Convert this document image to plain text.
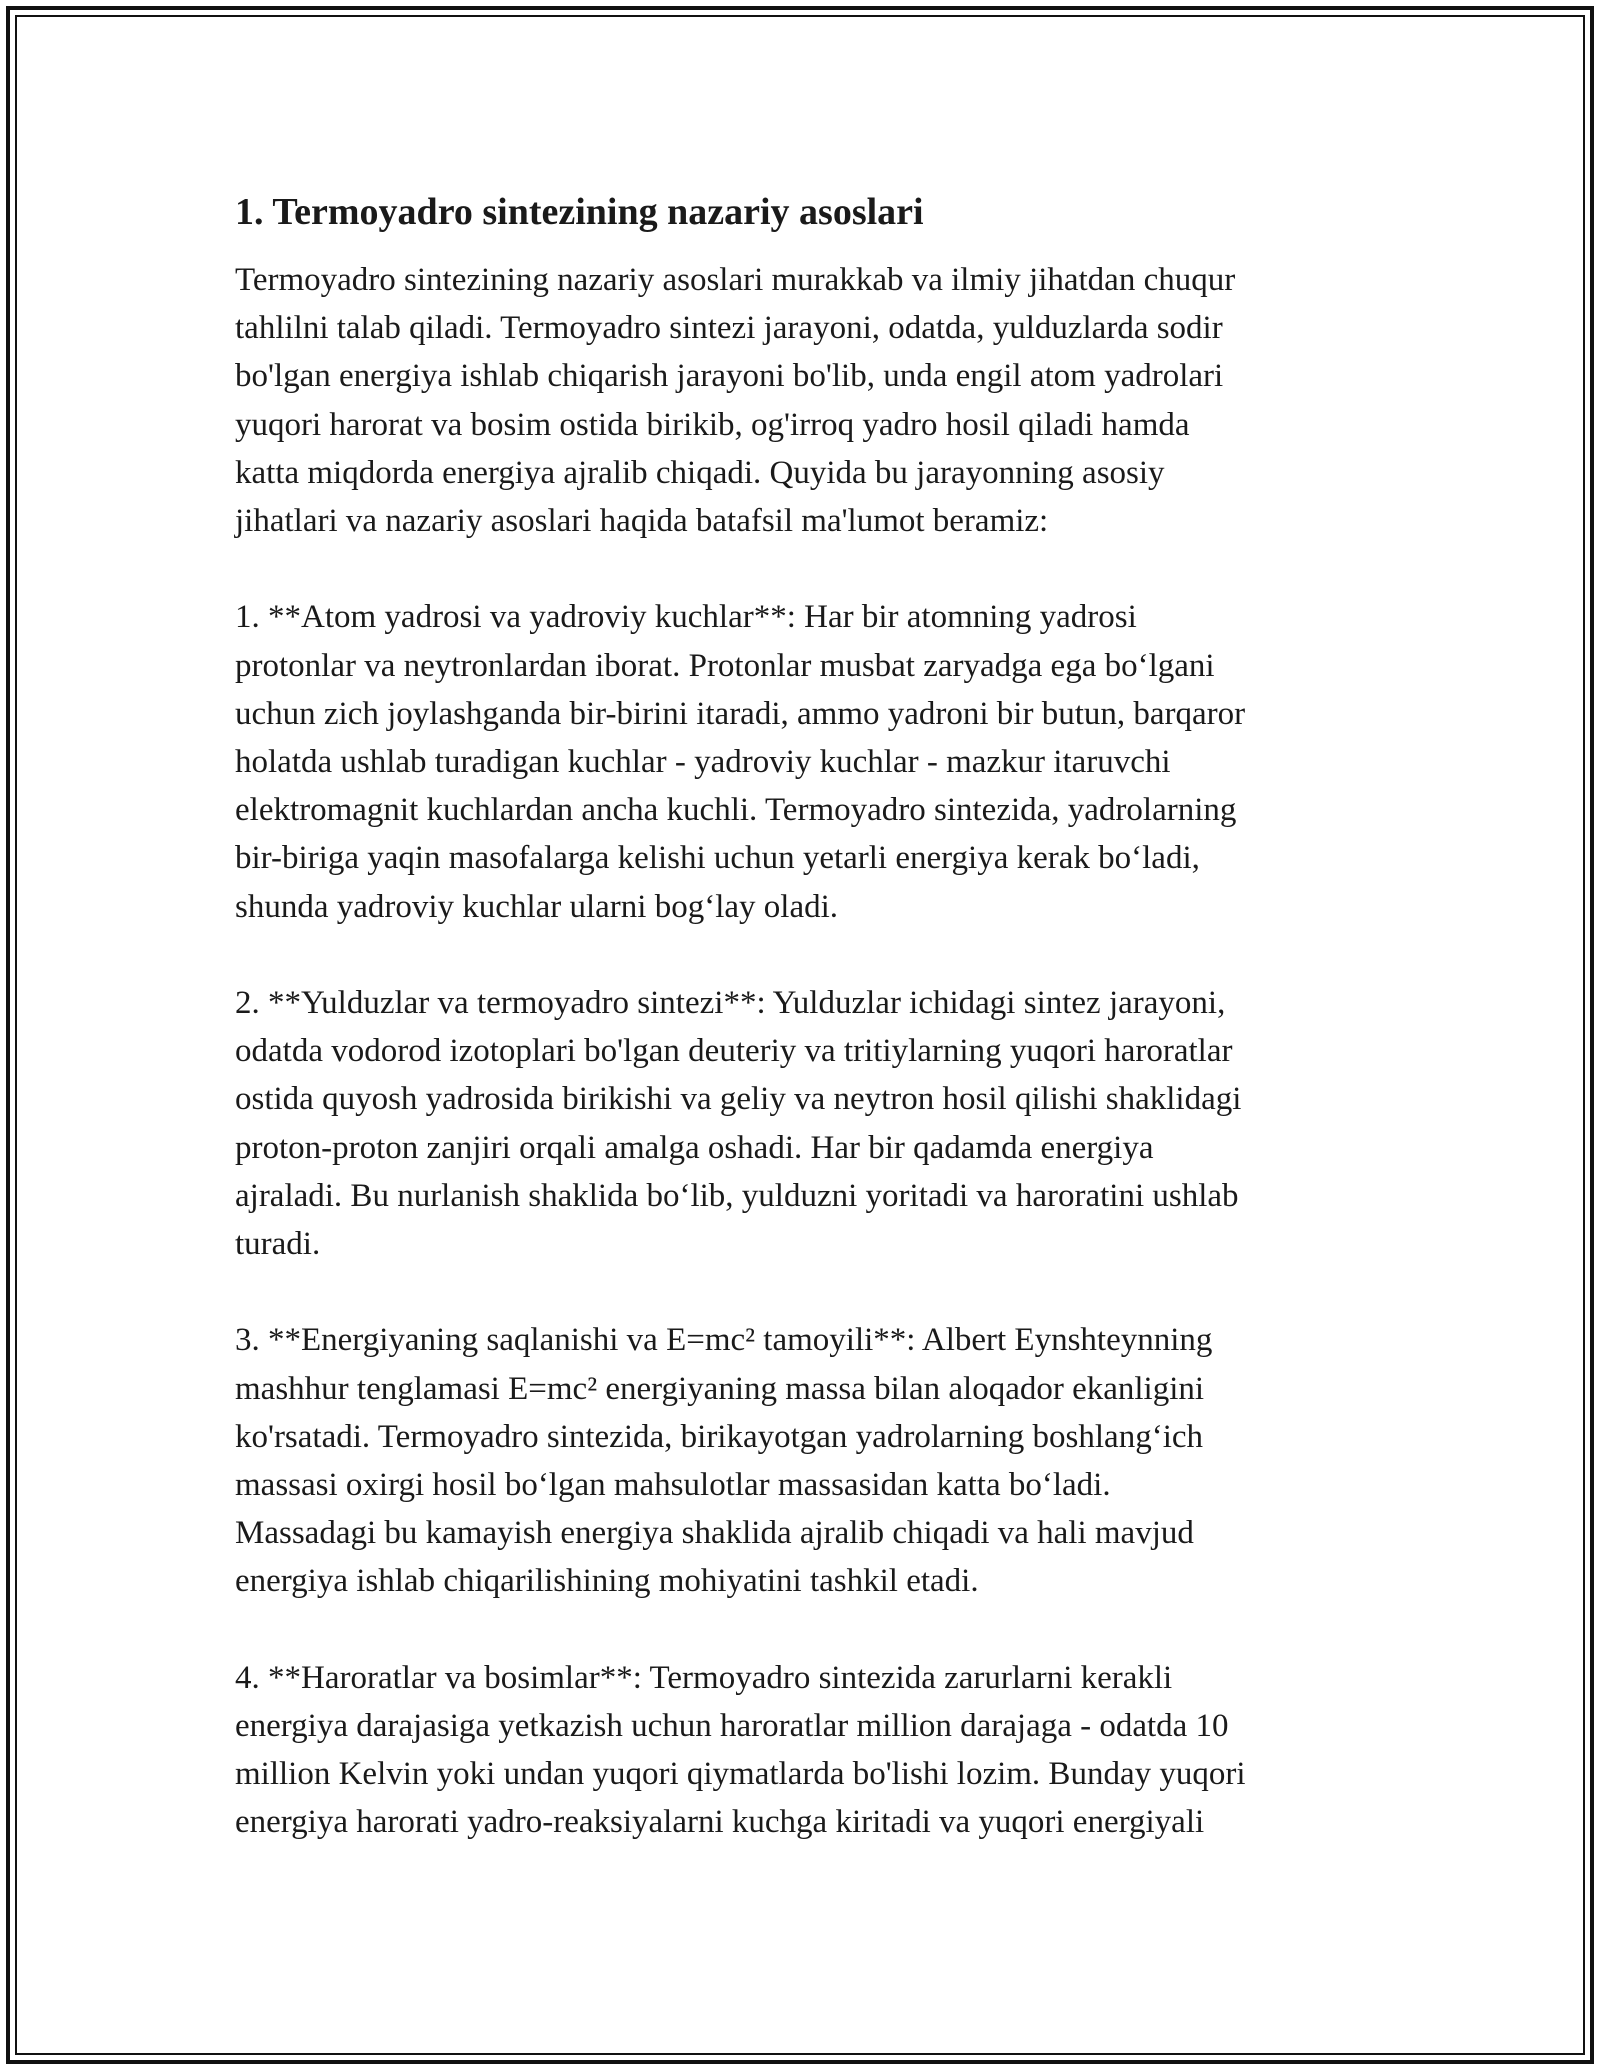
1. Termoyadro sintezining nazariy asoslari
Termoyadro sintezining nazariy asoslari murakkab va ilmiy jihatdan chuqur
tahlilni talab qiladi. Termoyadro sintezi jarayoni, odatda, yulduzlarda sodir
bo'lgan energiya ishlab chiqarish jarayoni bo'lib, unda engil atom yadrolari
yuqori harorat va bosim ostida birikib, og'irroq yadro hosil qiladi hamda
katta miqdorda energiya ajralib chiqadi. Quyida bu jarayonning asosiy
jihatlari va nazariy asoslari haqida batafsil ma'lumot beramiz:
1. **Atom yadrosi va yadroviy kuchlar**: Har bir atomning yadrosi
protonlar va neytronlardan iborat. Protonlar musbat zaryadga ega bo‘lgani
uchun zich joylashganda bir-birini itaradi, ammo yadroni bir butun, barqaror
holatda ushlab turadigan kuchlar - yadroviy kuchlar - mazkur itaruvchi
elektromagnit kuchlardan ancha kuchli. Termoyadro sintezida, yadrolarning
bir-biriga yaqin masofalarga kelishi uchun yetarli energiya kerak bo‘ladi,
shunda yadroviy kuchlar ularni bog‘lay oladi.
2. **Yulduzlar va termoyadro sintezi**: Yulduzlar ichidagi sintez jarayoni,
odatda vodorod izotoplari bo'lgan deuteriy va tritiylarning yuqori haroratlar
ostida quyosh yadrosida birikishi va geliy va neytron hosil qilishi shaklidagi
proton-proton zanjiri orqali amalga oshadi. Har bir qadamda energiya
ajraladi. Bu nurlanish shaklida bo‘lib, yulduzni yoritadi va haroratini ushlab
turadi.
3. **Energiyaning saqlanishi va E=mc² tamoyili**: Albert Eynshteynning
mashhur tenglamasi E=mc² energiyaning massa bilan aloqador ekanligini
ko'rsatadi. Termoyadro sintezida, birikayotgan yadrolarning boshlang‘ich
massasi oxirgi hosil bo‘lgan mahsulotlar massasidan katta bo‘ladi.
Massadagi bu kamayish energiya shaklida ajralib chiqadi va hali mavjud
energiya ishlab chiqarilishining mohiyatini tashkil etadi.
4. **Haroratlar va bosimlar**: Termoyadro sintezida zarurlarni kerakli
energiya darajasiga yetkazish uchun haroratlar million darajaga - odatda 10
million Kelvin yoki undan yuqori qiymatlarda bo'lishi lozim. Bunday yuqori
energiya harorati yadro-reaksiyalarni kuchga kiritadi va yuqori energiyali
